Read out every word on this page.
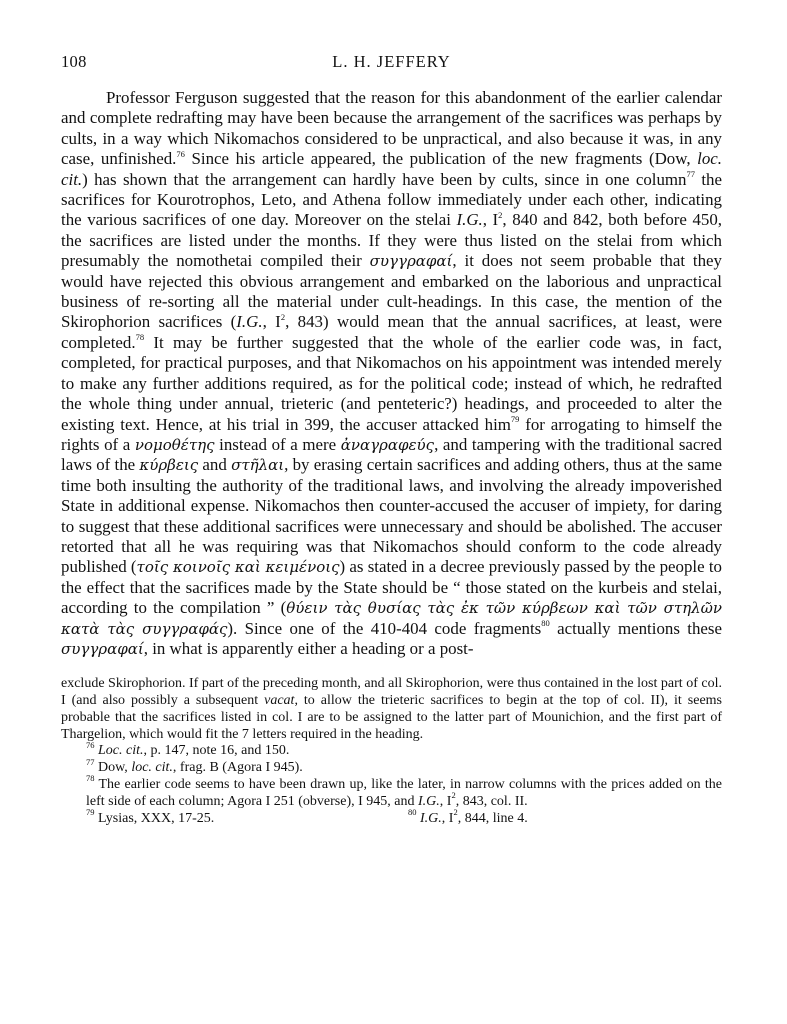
108	L. H. JEFFERY

Professor Ferguson suggested that the reason for this abandonment of the earlier calendar and complete redrafting may have been because the arrangement of the sacrifices was perhaps by cults, in a way which Nikomachos considered to be unpractical, and also because it was, in any case, unfinished.$^{76}$ Since his article appeared, the publication of the new fragments (Dow, loc. cit.) has shown that the arrangement can hardly have been by cults, since in one column$^{77}$ the sacrifices for Kourotrophos, Leto, and Athena follow immediately under each other, indicating the various sacrifices of one day. Moreover on the stelai I.G., $I^2$, 840 and 842, both before 450, the sacrifices are listed under the months. If they were thus listed on the stelai from which presumably the nomothetai compiled their συγγραφαί, it does not seem probable that they would have rejected this obvious arrangement and embarked on the laborious and unpractical business of re-sorting all the material under cult-headings. In this case, the mention of the Skirophorion sacrifices (I.G., $I^2$, 843) would mean that the annual sacrifices, at least, were completed.$^{78}$ It may be further suggested that the whole of the earlier code was, in fact, completed, for practical purposes, and that Nikomachos on his appointment was intended merely to make any further additions required, as for the political code; instead of which, he redrafted the whole thing under annual, trieteric (and penteteric?) headings, and proceeded to alter the existing text. Hence, at his trial in 399, the accuser attacked him$^{79}$ for arrogating to himself the rights of a νομοθέτης instead of a mere ἀναγραφεύς, and tampering with the traditional sacred laws of the κύρβεις and στῆλαι, by erasing certain sacrifices and adding others, thus at the same time both insulting the authority of the traditional laws, and involving the already impoverished State in additional expense. Nikomachos then counter-accused the accuser of impiety, for daring to suggest that these additional sacrifices were unnecessary and should be abolished. The accuser retorted that all he was requiring was that Nikomachos should conform to the code already published (τοῖς κοινοῖς καὶ κειμένοις) as stated in a decree previously passed by the people to the effect that the sacrifices made by the State should be “ those stated on the kurbeis and stelai, according to the compilation ” (θύειν τὰς θυσίας τὰς ἐκ τῶν κύρβεων καὶ τῶν στηλῶν κατὰ τὰς συγγραφάς). Since one of the 410-404 code fragments$^{80}$ actually mentions these συγγραφαί, in what is apparently either a heading or a post-

exclude Skirophorion. If part of the preceding month, and all Skirophorion, were thus contained in the lost part of col. I (and also possibly a subsequent vacat, to allow the trieteric sacrifices to begin at the top of col. II), it seems probable that the sacrifices listed in col. I are to be assigned to the latter part of Mounichion, and the first part of Thargelion, which would fit the 7 letters required in the heading.

$^{76}$ Loc. cit., p. 147, note 16, and 150.

$^{77}$ Dow, loc. cit., frag. B (Agora I 945).

$^{78}$ The earlier code seems to have been drawn up, like the later, in narrow columns with the prices added on the left side of each column; Agora I 251 (obverse), I 945, and I.G., $I^2$, 843, col. II.

$^{79}$ Lysias, XXX, 17-25.	$^{80}$ I.G., $I^2$, 844, line 4.
